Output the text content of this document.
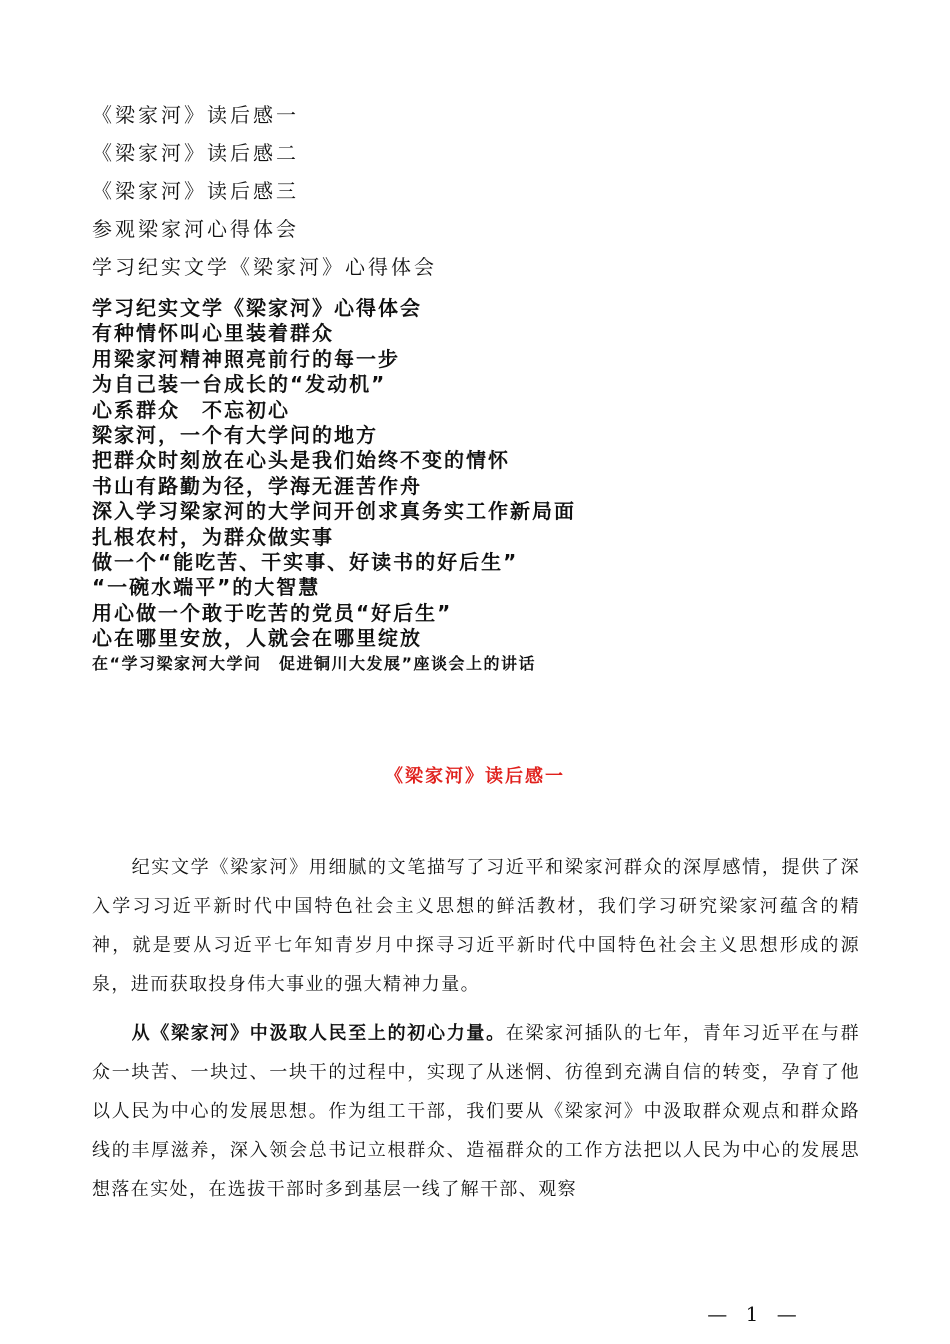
《梁家河》读后感一
《梁家河》读后感二
《梁家河》读后感三
参观梁家河心得体会
学习纪实文学《梁家河》心得体会
学习纪实文学《梁家河》心得体会
有种情怀叫心里装着群众
用梁家河精神照亮前行的每一步
为自己装一台成长的“发动机”
心系群众　不忘初心
梁家河，一个有大学问的地方
把群众时刻放在心头是我们始终不变的情怀
书山有路勤为径，学海无涯苦作舟
深入学习梁家河的大学问开创求真务实工作新局面
扎根农村，为群众做实事
做一个“能吃苦、干实事、好读书的好后生”
“一碗水端平”的大智慧
用心做一个敢于吃苦的党员“好后生”
心在哪里安放，人就会在哪里绽放
在“学习梁家河大学问　促进铜川大发展”座谈会上的讲话
《梁家河》读后感一

纪实文学《梁家河》用细腻的文笔描写了习近平和梁家河群众的深厚感情，提供了深入学习习近平新时代中国特色社会主义思想的鲜活教材，我们学习研究梁家河蕴含的精神，就是要从习近平七年知青岁月中探寻习近平新时代中国特色社会主义思想形成的源泉，进而获取投身伟大事业的强大精神力量。

从《梁家河》中汲取人民至上的初心力量。在梁家河插队的七年，青年习近平在与群众一块苦、一块过、一块干的过程中，实现了从迷惘、彷徨到充满自信的转变，孕育了他以人民为中心的发展思想。作为组工干部，我们要从《梁家河》中汲取群众观点和群众路线的丰厚滋养，深入领会总书记立根群众、造福群众的工作方法把以人民为中心的发展思想落在实处，在选拔干部时多到基层一线了解干部、观察

— 1 —
